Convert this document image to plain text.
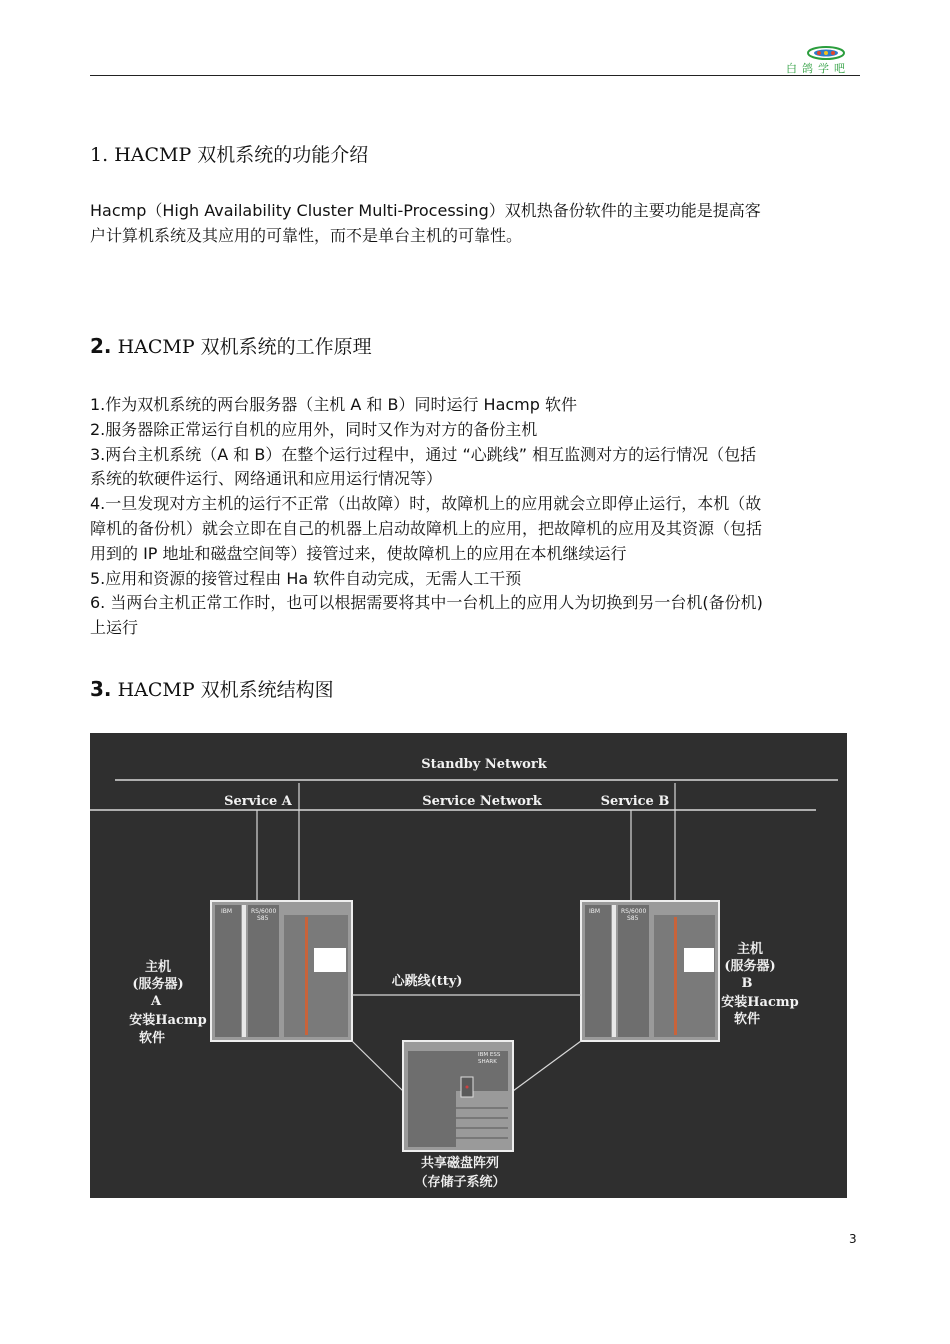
白鸽学吧
1. HACMP 双机系统的功能介绍
Hacmp（High Availability Cluster Multi-Processing）双机热备份软件的主要功能是提高客
户计算机系统及其应用的可靠性，而不是单台主机的可靠性。
2. HACMP 双机系统的工作原理
1.作为双机系统的两台服务器（主机 A 和 B）同时运行 Hacmp 软件
2.服务器除正常运行自机的应用外，同时又作为对方的备份主机
3.两台主机系统（A 和 B）在整个运行过程中，通过 “心跳线” 相互监测对方的运行情况（包括
系统的软硬件运行、网络通讯和应用运行情况等）
4.一旦发现对方主机的运行不正常（出故障）时，故障机上的应用就会立即停止运行，本机（故
障机的备份机）就会立即在自己的机器上启动故障机上的应用，把故障机的应用及其资源（包括
用到的 IP 地址和磁盘空间等）接管过来，使故障机上的应用在本机继续运行
5.应用和资源的接管过程由 Ha 软件自动完成，无需人工干预
6. 当两台主机正常工作时，也可以根据需要将其中一台机上的应用人为切换到另一台机(备份机)
上运行
3. HACMP 双机系统结构图
Standby Network
Service A	Service Network	Service B
IBM	RS/6000
S85
IBM	RS/6000
S85
心跳线(tty)
主机
(服务器)
A
安装Hacmp
软件
主机
(服务器)
B
安装Hacmp
软件
IBM ESS
SHARK
共享磁盘阵列
（存储子系统）
3
